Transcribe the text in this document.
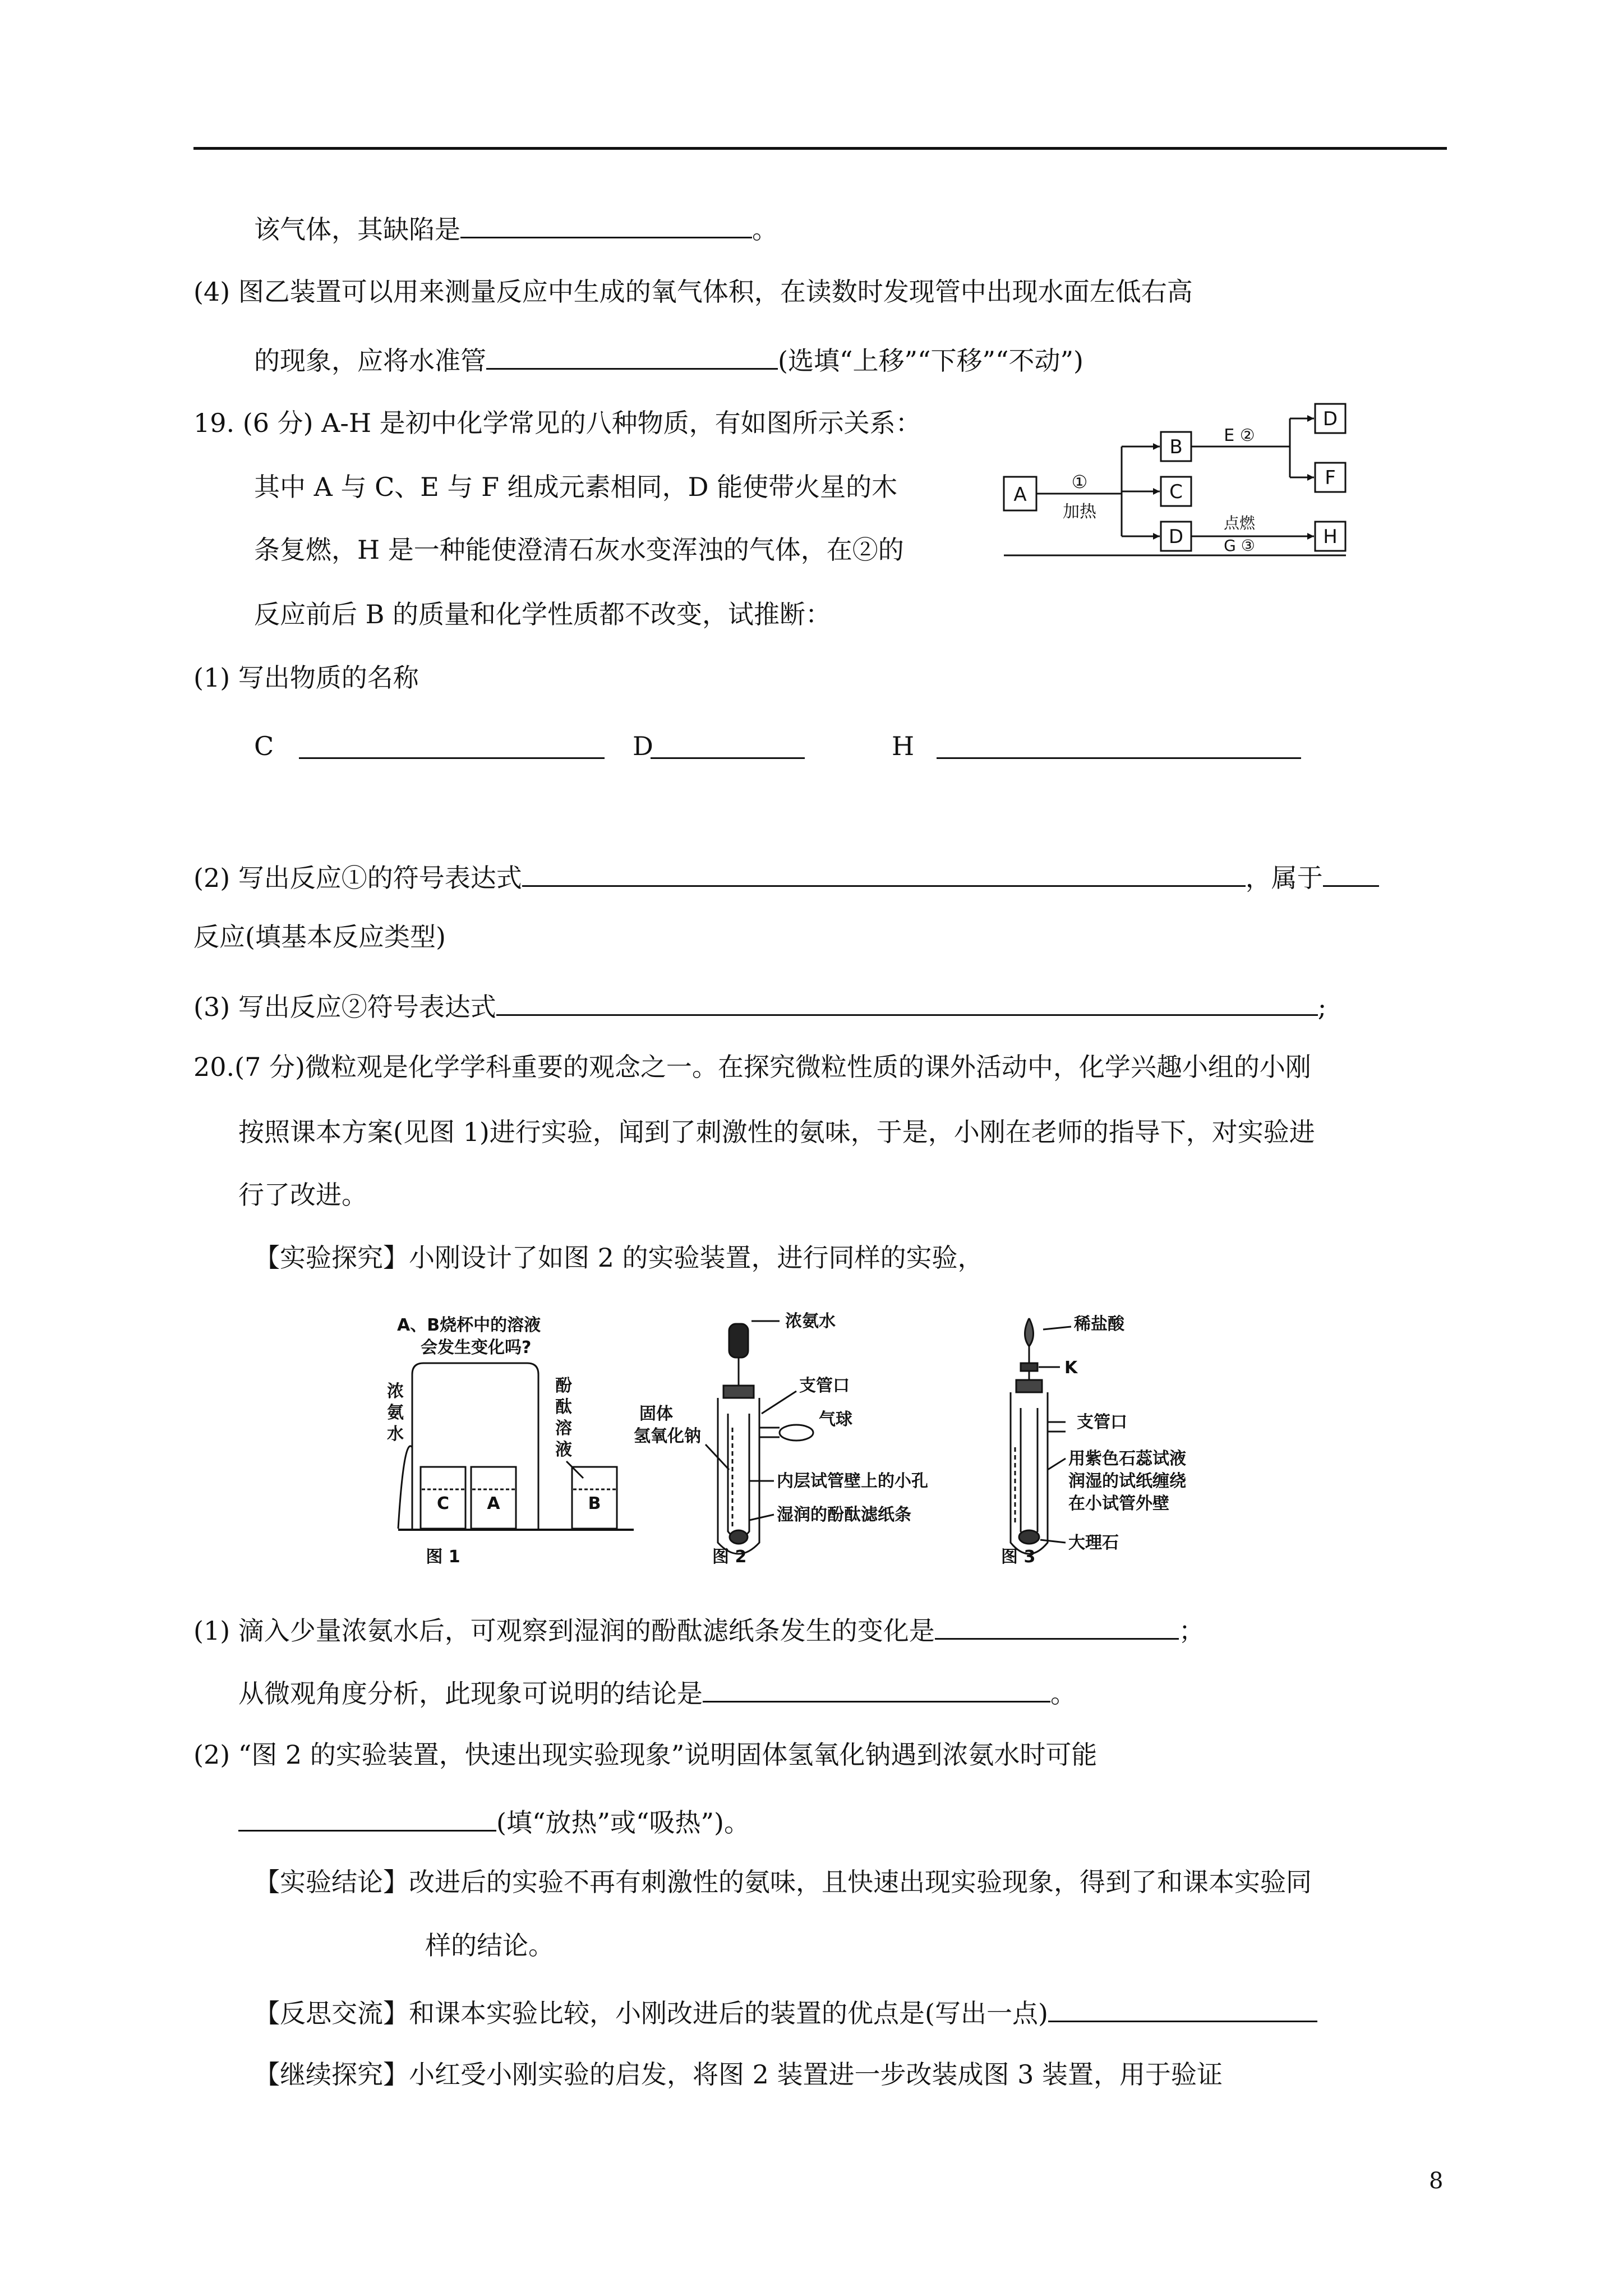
该气体，其缺陷是	。
(4) 图乙装置可以用来测量反应中生成的氧气体积，在读数时发现管中出现水面左低右高
的现象，应将水准管	(选填“上移”“下移”“不动”)
19. (6 分) A-H 是初中化学常见的八种物质，有如图所示关系：
其中 A 与 C、E 与 F 组成元素相同，D 能使带火星的木
条复燃，H 是一种能使澄清石灰水变浑浊的气体，在②的
反应前后 B 的质量和化学性质都不改变，试推断：
(1) 写出物质的名称
C	D	H
(2) 写出反应①的符号表达式	，属于
反应(填基本反应类型)
(3) 写出反应②符号表达式	;
20.(7 分)微粒观是化学学科重要的观念之一。在探究微粒性质的课外活动中，化学兴趣小组的小刚
按照课本方案(见图 1)进行实验，闻到了刺激性的氨味，于是，小刚在老师的指导下，对实验进
行了改进。
【实验探究】小刚设计了如图 2 的实验装置，进行同样的实验，
(1) 滴入少量浓氨水后，可观察到湿润的酚酞滤纸条发生的变化是	；
从微观角度分析，此现象可说明的结论是	。
(2) “图 2 的实验装置，快速出现实验现象”说明固体氢氧化钠遇到浓氨水时可能
(填“放热”或“吸热”)。
【实验结论】改进后的实验不再有刺激性的氨味，且快速出现实验现象，得到了和课本实验同
样的结论。
【反思交流】和课本实验比较，小刚改进后的装置的优点是(写出一点)
【继续探究】小红受小刚实验的启发，将图 2 装置进一步改装成图 3 装置，用于验证
8
A
B
C
D
D
F
H
①
加热
E ②
点燃
G ③
A、B烧杯中的溶液
会发生变化吗?
浓
氨
水
酚
酞
溶
液
C A	B
图 1
浓氨水
固体
氢氧化钠
支管口
气球
内层试管壁上的小孔
湿润的酚酞滤纸条
图 2
稀盐酸
K
支管口
用紫色石蕊试液
润湿的试纸缠绕
在小试管外壁
大理石
图 3
